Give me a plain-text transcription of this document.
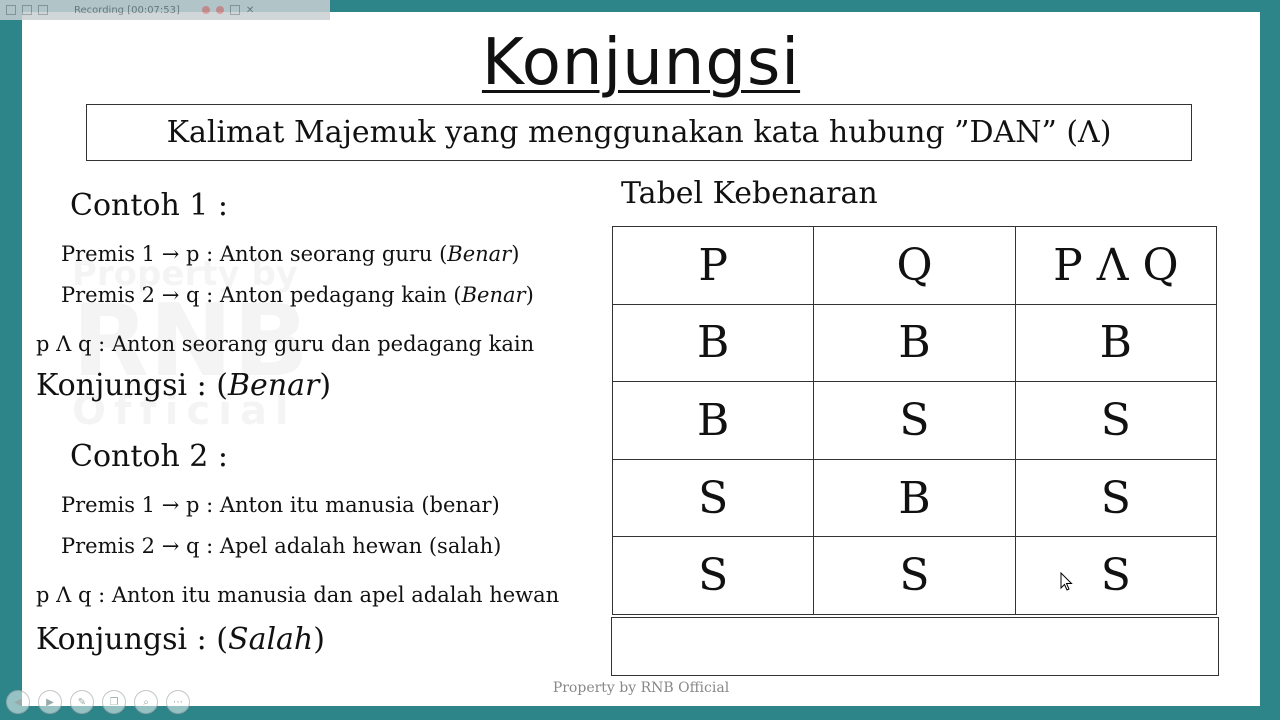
Recording [00:07:53]	✕
Konjungsi
Kalimat Majemuk yang menggunakan kata hubung ”DAN” (Λ)
Contoh 1 :
Premis 1 → p : Anton seorang guru (Benar)
Premis 2 → q : Anton pedagang kain (Benar)
p Λ q : Anton seorang guru dan pedagang kain
Konjungsi : (Benar)
Contoh 2 :
Premis 1 → p : Anton itu manusia (benar)
Premis 2 → q : Apel adalah hewan (salah)
p Λ q : Anton itu manusia dan apel adalah hewan
Konjungsi : (Salah)
Tabel Kebenaran
P	Q	P Λ Q
B	B	B
B	S	S
S	B	S
S	S	S
Property by RNB Official
◀	▶	✎	❐	⌕	⋯
